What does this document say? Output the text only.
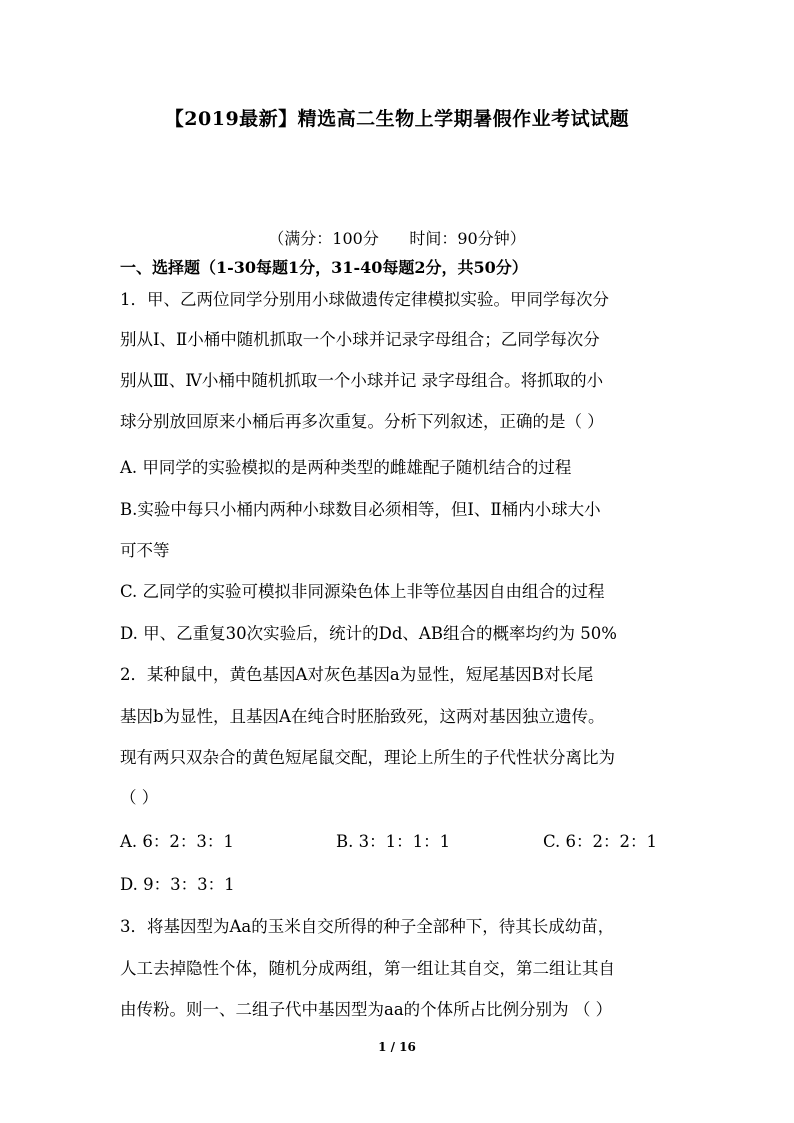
【2019最新】精选高二生物上学期暑假作业考试试题
（满分：100分      时间：90分钟）
一、选择题（1-30每题1分，31-40每题2分，共50分）
1．甲、乙两位同学分别用小球做遗传定律模拟实验。甲同学每次分
别从Ⅰ、Ⅱ小桶中随机抓取一个小球并记录字母组合；乙同学每次分
别从Ⅲ、Ⅳ小桶中随机抓取一个小球并记 录字母组合。将抓取的小
球分别放回原来小桶后再多次重复。分析下列叙述，正确的是（ ）
A. 甲同学的实验模拟的是两种类型的雌雄配子随机结合的过程
B.实验中每只小桶内两种小球数目必须相等，但Ⅰ、Ⅱ桶内小球大小
可不等
C. 乙同学的实验可模拟非同源染色体上非等位基因自由组合的过程
D. 甲、乙重复30次实验后，统计的Dd、AB组合的概率均约为 50%
2．某种鼠中，黄色基因A对灰色基因a为显性，短尾基因B对长尾
基因b为显性，且基因A在纯合时胚胎致死，这两对基因独立遗传。
现有两只双杂合的黄色短尾鼠交配，理论上所生的子代性状分离比为
（ ）
A. 6：2：3：1	B. 3：1：1：1	C. 6：2：2：1
D. 9：3：3：1
3．将基因型为Aa的玉米自交所得的种子全部种下，待其长成幼苗，
人工去掉隐性个体，随机分成两组，第一组让其自交，第二组让其自
由传粉。则一、二组子代中基因型为aa的个体所占比例分别为 （ ）
1 / 16
